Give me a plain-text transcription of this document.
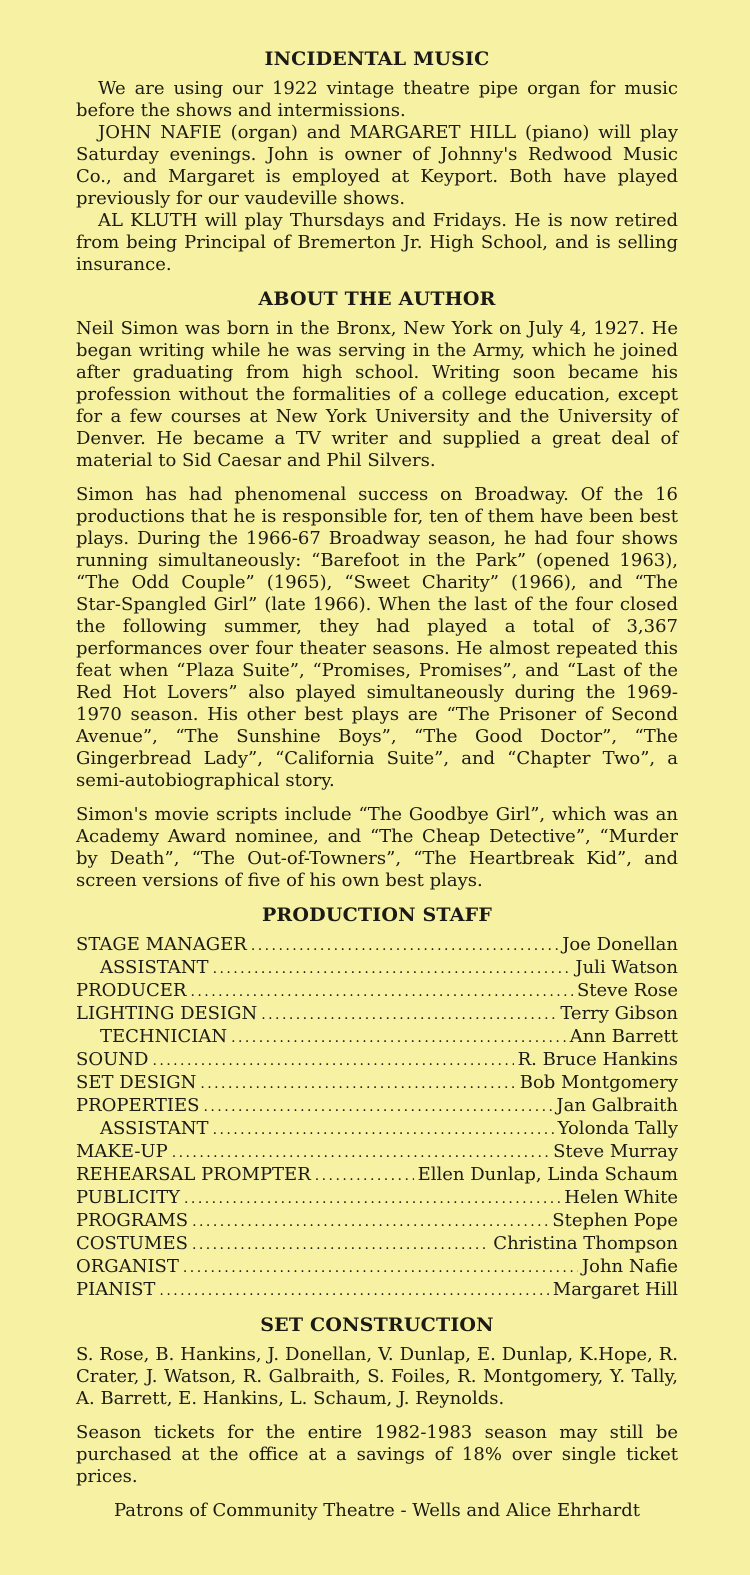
INCIDENTAL MUSIC

We are using our 1922 vintage theatre pipe organ for music before the shows and intermissions.

JOHN NAFIE (organ) and MARGARET HILL (piano) will play Saturday evenings. John is owner of Johnny's Redwood Music Co., and Margaret is employed at Keyport. Both have played previously for our vaudeville shows.

AL KLUTH will play Thursdays and Fridays. He is now retired from being Principal of Bremerton Jr. High School, and is selling insurance.

ABOUT THE AUTHOR

Neil Simon was born in the Bronx, New York on July 4, 1927. He began writing while he was serving in the Army, which he joined after graduating from high school. Writing soon became his profession without the formalities of a college education, except for a few courses at New York University and the University of Denver. He became a TV writer and supplied a great deal of material to Sid Caesar and Phil Silvers.

Simon has had phenomenal success on Broadway. Of the 16 productions that he is responsible for, ten of them have been best plays. During the 1966-67 Broadway season, he had four shows running simultaneously: “Barefoot in the Park” (opened 1963), “The Odd Couple” (1965), “Sweet Charity” (1966), and “The Star-Spangled Girl” (late 1966). When the last of the four closed the following summer, they had played a total of 3,367 performances over four theater seasons. He almost repeated this feat when “Plaza Suite”, “Promises, Promises”, and “Last of the Red Hot Lovers” also played simultaneously during the 1969-1970 season. His other best plays are “The Prisoner of Second Avenue”, “The Sunshine Boys”, “The Good Doctor”, “The Gingerbread Lady”, “California Suite”, and “Chapter Two”, a semi-autobiographical story.

Simon's movie scripts include “The Goodbye Girl”, which was an Academy Award nominee, and “The Cheap Detective”, “Murder by Death”, “The Out-of-Towners”, “The Heartbreak Kid”, and screen versions of five of his own best plays.

PRODUCTION STAFF
STAGE MANAGER . . .	Joe Donellan
ASSISTANT . . .	Juli Watson
PRODUCER . . .	Steve Rose
LIGHTING DESIGN . . .	Terry Gibson
TECHNICIAN . . .	Ann Barrett
SOUND . . .	R. Bruce Hankins
SET DESIGN . . .	Bob Montgomery
PROPERTIES . . .	Jan Galbraith
ASSISTANT . . .	Yolonda Tally
MAKE-UP . . .	Steve Murray
REHEARSAL PROMPTER . . .	Ellen Dunlap, Linda Schaum
PUBLICITY . . .	Helen White
PROGRAMS . . .	Stephen Pope
COSTUMES . . .	Christina Thompson
ORGANIST . . .	John Nafie
PIANIST . . .	Margaret Hill
SET CONSTRUCTION

S. Rose, B. Hankins, J. Donellan, V. Dunlap, E. Dunlap, K.Hope, R. Crater, J. Watson, R. Galbraith, S. Foiles, R. Montgomery, Y. Tally, A. Barrett, E. Hankins, L. Schaum, J. Reynolds.

Season tickets for the entire 1982-1983 season may still be purchased at the office at a savings of 18% over single ticket prices.

Patrons of Community Theatre - Wells and Alice Ehrhardt
